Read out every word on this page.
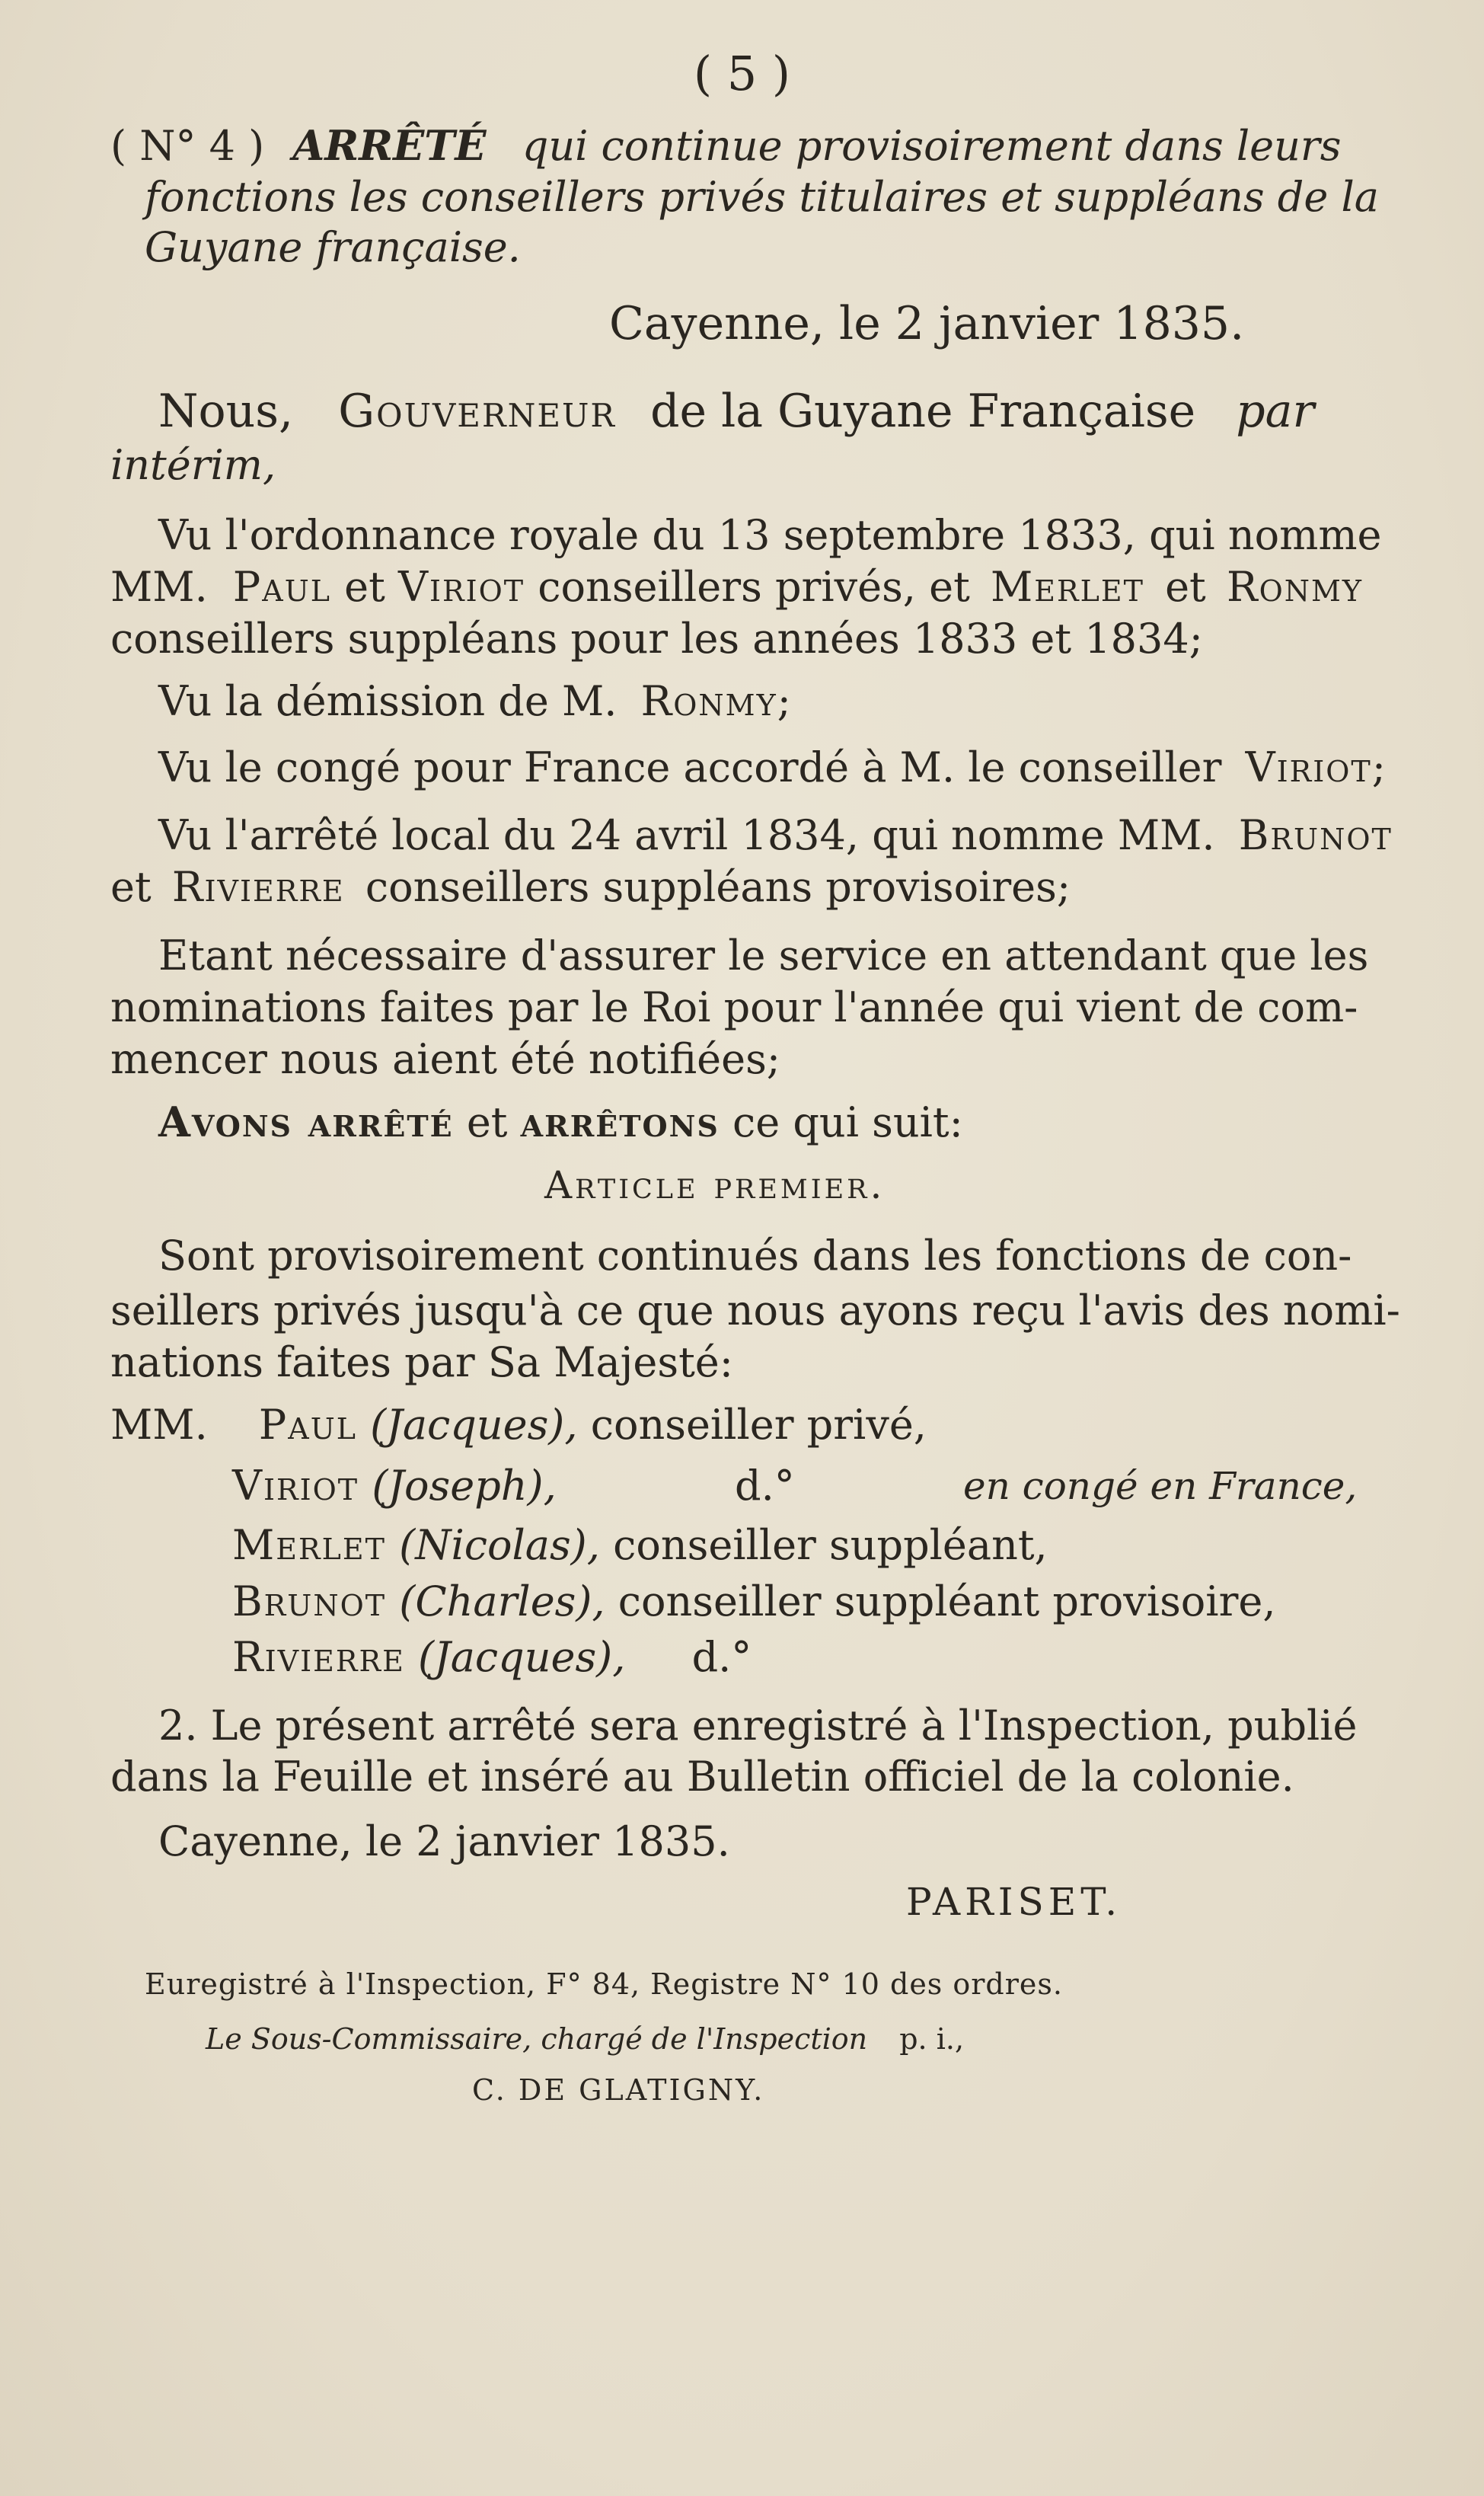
( 5 )
( N° 4 ) ARRÊTÉ qui continue provisoirement dans leurs
fonctions les conseillers privés titulaires et suppléans de la
Guyane française.
Cayenne, le 2 janvier 1835.
Nous, Gouverneur de la Guyane Française par
intérim,
Vu l'ordonnance royale du 13 septembre 1833, qui nomme
MM. Paul et Viriot conseillers privés, et Merlet et Ronmy
conseillers suppléans pour les années 1833 et 1834;
Vu la démission de M. Ronmy;
Vu le congé pour France accordé à M. le conseiller Viriot;
Vu l'arrêté local du 24 avril 1834, qui nomme MM. Brunot
et Rivierre conseillers suppléans provisoires;
Etant nécessaire d'assurer le service en attendant que les
nominations faites par le Roi pour l'année qui vient de com-
mencer nous aient été notifiées;
Avons arrêté et arrêtons ce qui suit:
Article premier.
Sont provisoirement continués dans les fonctions de con-
seillers privés jusqu'à ce que nous ayons reçu l'avis des nomi-
nations faites par Sa Majesté:
MM. Paul (Jacques), conseiller privé,
Viriot (Joseph),	d.°	en congé en France,
Merlet (Nicolas), conseiller suppléant,
Brunot (Charles), conseiller suppléant provisoire,
Rivierre (Jacques), d.°
2. Le présent arrêté sera enregistré à l'Inspection, publié
dans la Feuille et inséré au Bulletin officiel de la colonie.
Cayenne, le 2 janvier 1835.
PARISET.
Euregistré à l'Inspection, F° 84, Registre N° 10 des ordres.
Le Sous-Commissaire, chargé de l'Inspection p. i.,
C. DE GLATIGNY.
